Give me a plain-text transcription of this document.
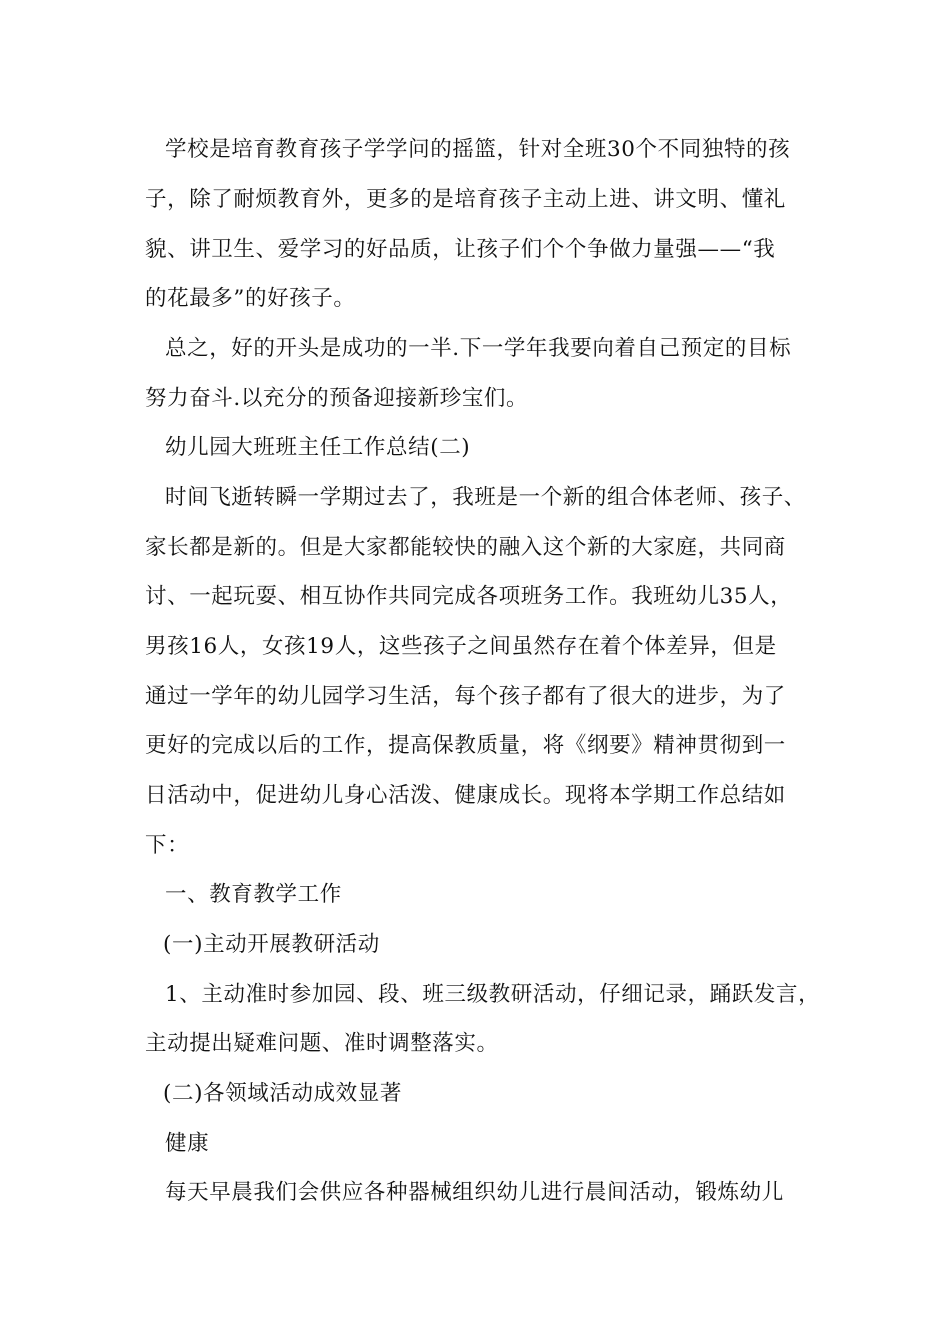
学校是培育教育孩子学学问的摇篮，针对全班30个不同独特的孩
子，除了耐烦教育外，更多的是培育孩子主动上进、讲文明、懂礼
貌、讲卫生、爱学习的好品质，让孩子们个个争做力量强——“我
的花最多”的好孩子。
总之，好的开头是成功的一半.下一学年我要向着自己预定的目标
努力奋斗.以充分的预备迎接新珍宝们。
幼儿园大班班主任工作总结(二)
时间飞逝转瞬一学期过去了，我班是一个新的组合体老师、孩子、
家长都是新的。但是大家都能较快的融入这个新的大家庭，共同商
讨、一起玩耍、相互协作共同完成各项班务工作。我班幼儿35人，
男孩16人，女孩19人，这些孩子之间虽然存在着个体差异，但是
通过一学年的幼儿园学习生活，每个孩子都有了很大的进步，为了
更好的完成以后的工作，提高保教质量，将《纲要》精神贯彻到一
日活动中，促进幼儿身心活泼、健康成长。现将本学期工作总结如
下：
一、教育教学工作
(一)主动开展教研活动
1、主动准时参加园、段、班三级教研活动，仔细记录，踊跃发言，
主动提出疑难问题、准时调整落实。
(二)各领域活动成效显著
健康
每天早晨我们会供应各种器械组织幼儿进行晨间活动，锻炼幼儿
